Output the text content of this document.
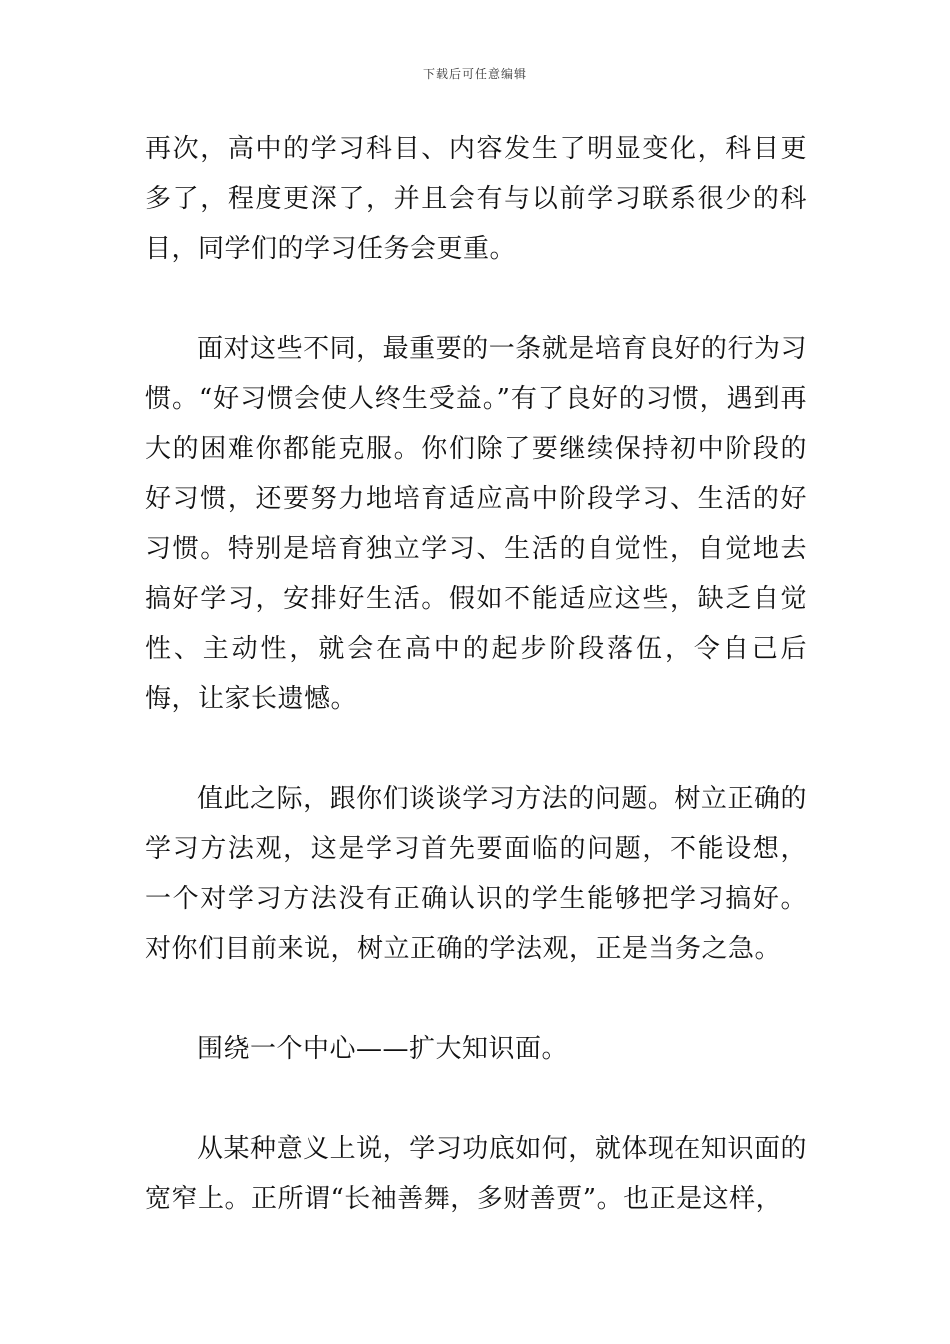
下载后可任意编辑

再次，高中的学习科目、内容发生了明显变化，科目更多了，程度更深了，并且会有与以前学习联系很少的科目，同学们的学习任务会更重。

面对这些不同，最重要的一条就是培育良好的行为习惯。“好习惯会使人终生受益。”有了良好的习惯，遇到再大的困难你都能克服。你们除了要继续保持初中阶段的好习惯，还要努力地培育适应高中阶段学习、生活的好习惯。特别是培育独立学习、生活的自觉性，自觉地去搞好学习，安排好生活。假如不能适应这些，缺乏自觉性、主动性，就会在高中的起步阶段落伍，令自己后悔，让家长遗憾。

值此之际，跟你们谈谈学习方法的问题。树立正确的学习方法观，这是学习首先要面临的问题，不能设想，一个对学习方法没有正确认识的学生能够把学习搞好。对你们目前来说，树立正确的学法观，正是当务之急。

围绕一个中心——扩大知识面。

从某种意义上说，学习功底如何，就体现在知识面的宽窄上。正所谓“长袖善舞，多财善贾”。也正是这样，
